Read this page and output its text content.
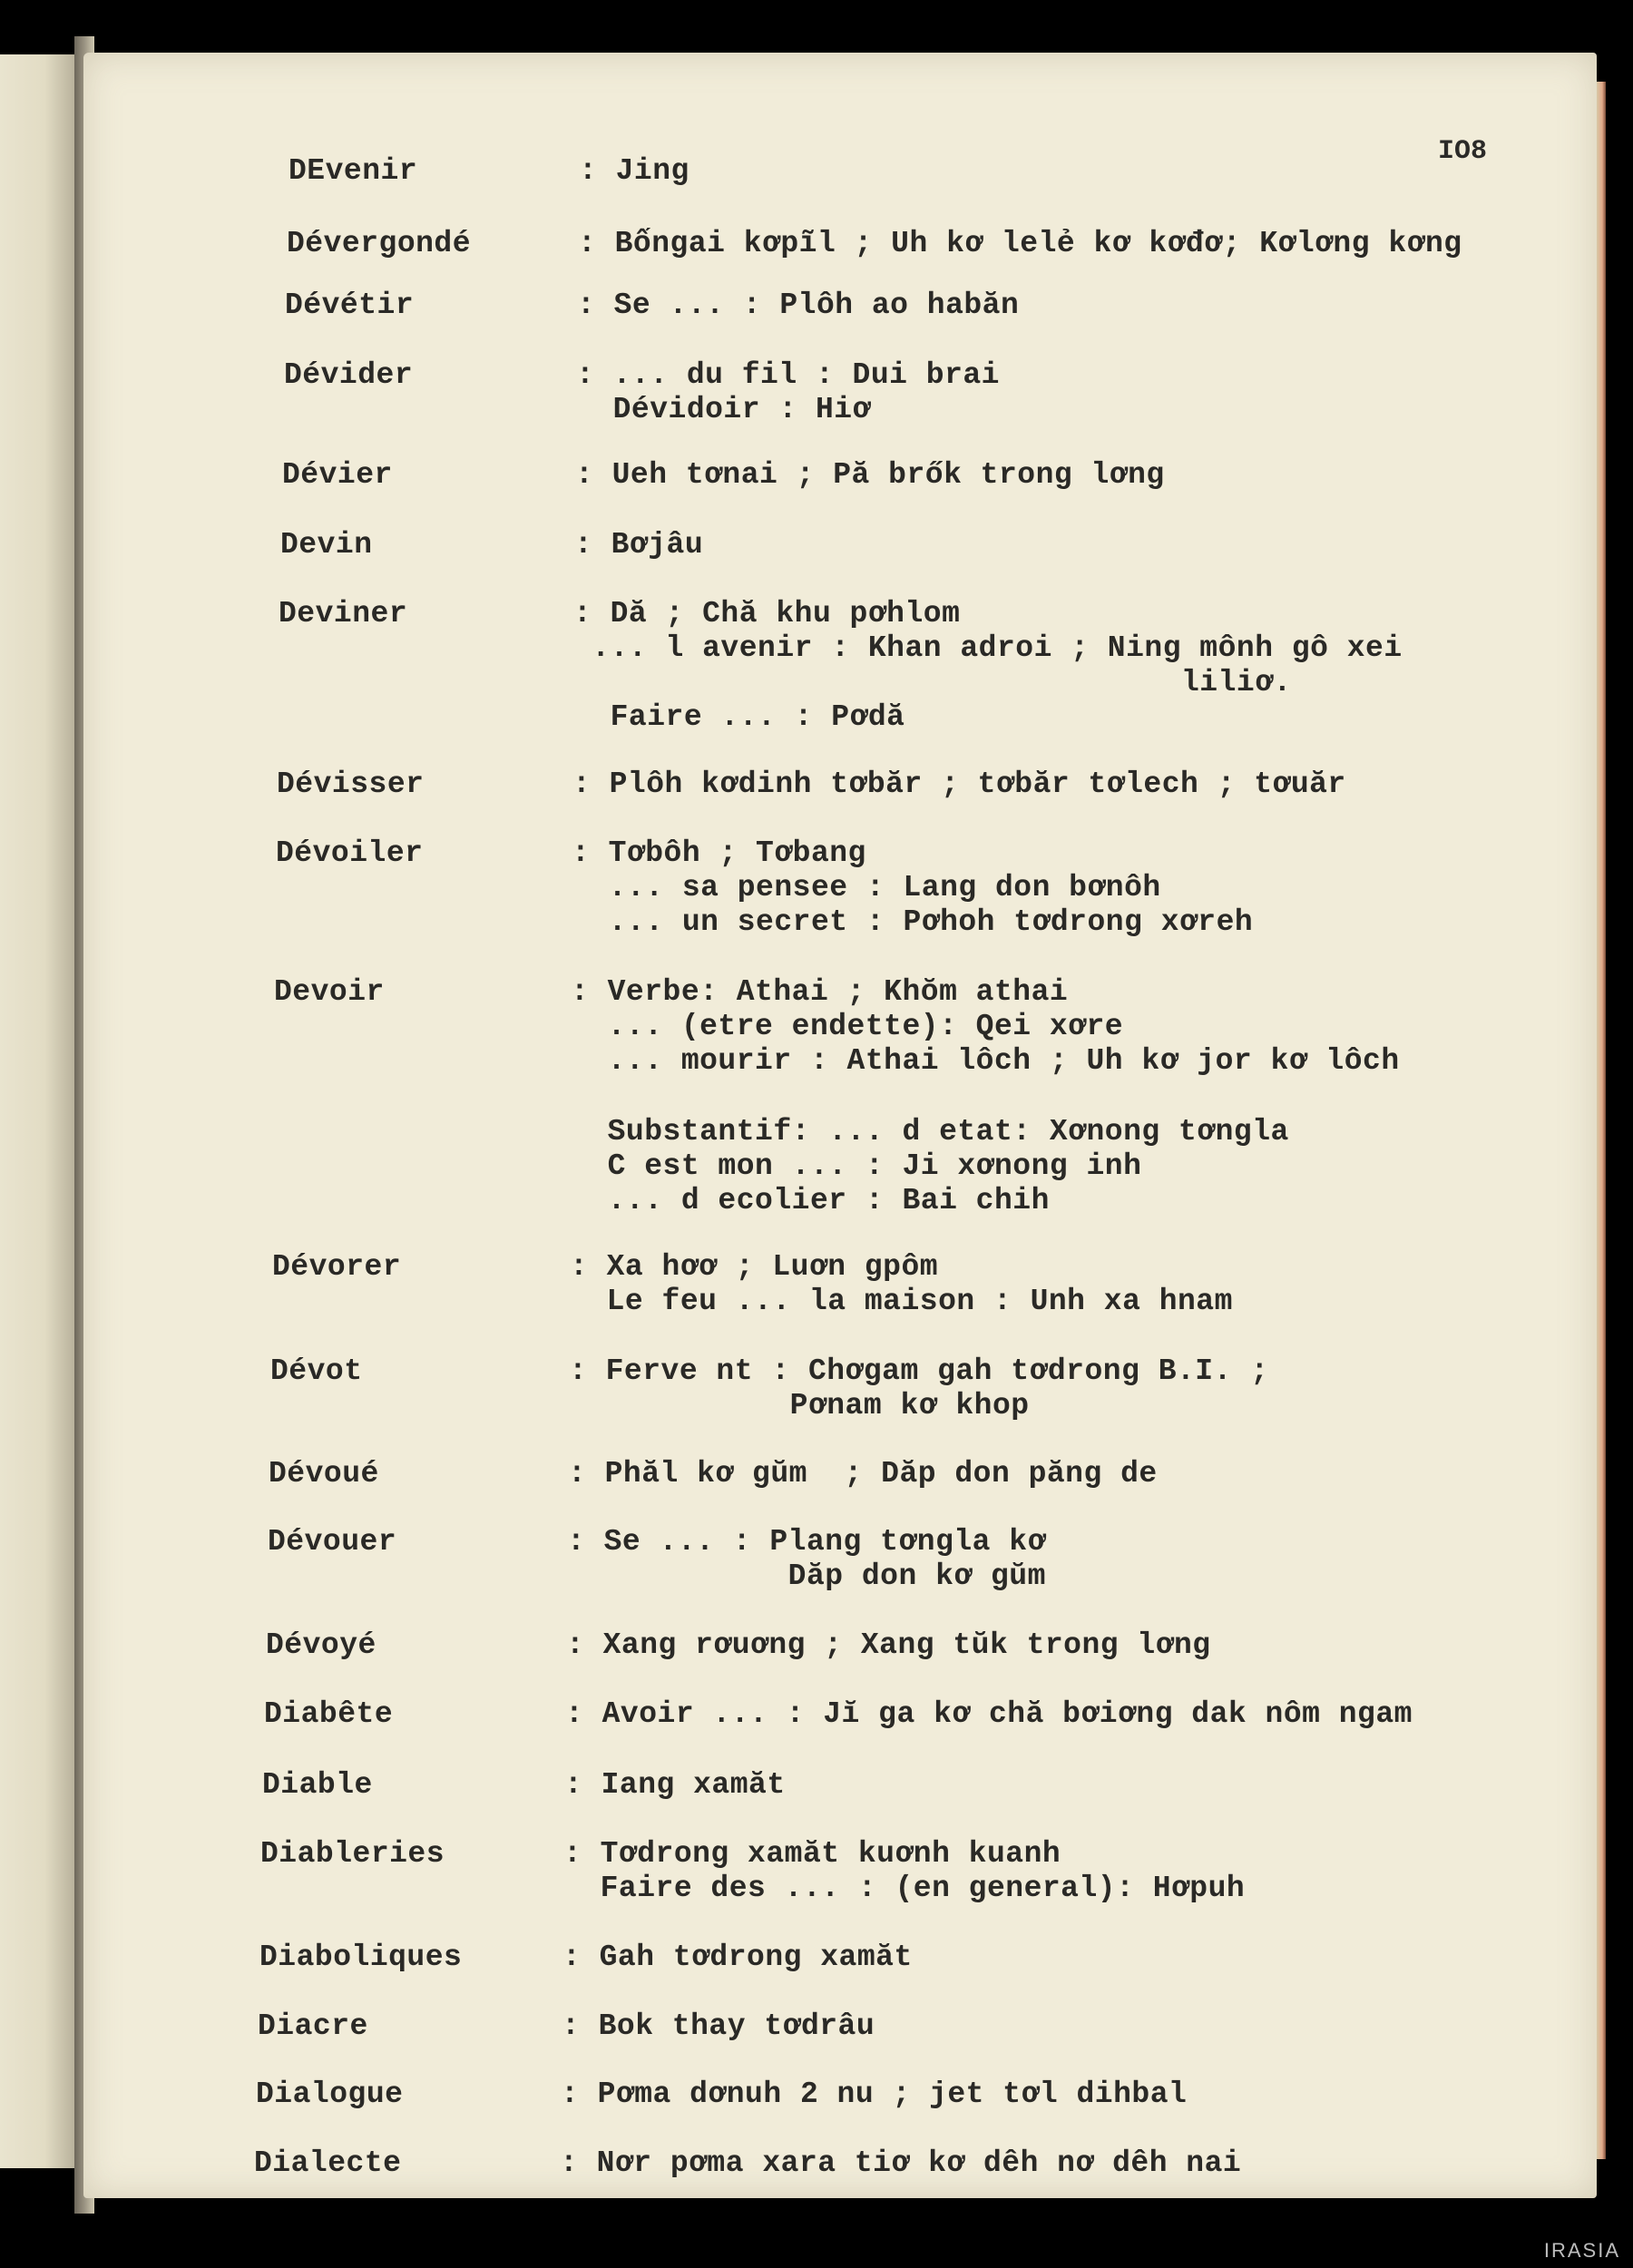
IO8
DEvenir	: Jing
Dévergondé	: Bốngai kơpĩl ; Uh kơ lelẻ kơ kơđơ; Kơlơng kơng
Dévétir	: Se ... : Plôh ao habăn
Dévider	: ... du fil : Dui brai
Dévidoir : Hiơ
Dévier	: Ueh tơnai ; Pă brők trong lơng
Devin	: Bơjâu
Deviner	: Dă ; Chă khu pơhlom
... l avenir : Khan adroi ; Ning mônh gô xei
liliơ.
Faire ... : Pơdă
Dévisser	: Plôh kơdinh tơbăr ; tơbăr tơlech ; tơuăr
Dévoiler	: Tơbôh ; Tơbang
... sa pensee : Lang don bơnôh
... un secret : Pơhoh tơdrong xơreh
Devoir	: Verbe: Athai ; Khŏm athai
... (etre endette): Qei xơre
... mourir : Athai lôch ; Uh kơ jor kơ lôch
Substantif: ... d etat: Xơnong tơngla
C est mon ... : Ji xơnong inh
... d ecolier : Bai chih
Dévorer	: Xa hơơ ; Luơn gpôm
Le feu ... la maison : Unh xa hnam
Dévot	: Ferve nt : Chơgam gah tơdrong B.I. ;
Pơnam kơ khop
Dévoué	: Phăl kơ gŭm  ; Dăp don păng de
Dévouer	: Se ... : Plang tơngla kơ
Dăp don kơ gŭm
Dévoyé	: Xang rơuơng ; Xang tŭk trong lơng
Diabête	: Avoir ... : Jĭ ga kơ chă bơiơng dak nôm ngam
Diable	: Iang xamăt
Diableries	: Tơdrong xamăt kuơnh kuanh
Faire des ... : (en general): Hơpuh
Diaboliques	: Gah tơdrong xamăt
Diacre	: Bok thay tơdrâu
Dialogue	: Pơma dơnuh 2 nu ; jet tơl dihbal
Dialecte	: Nơr pơma xara tiơ kơ dêh nơ dêh nai
IRASIA
